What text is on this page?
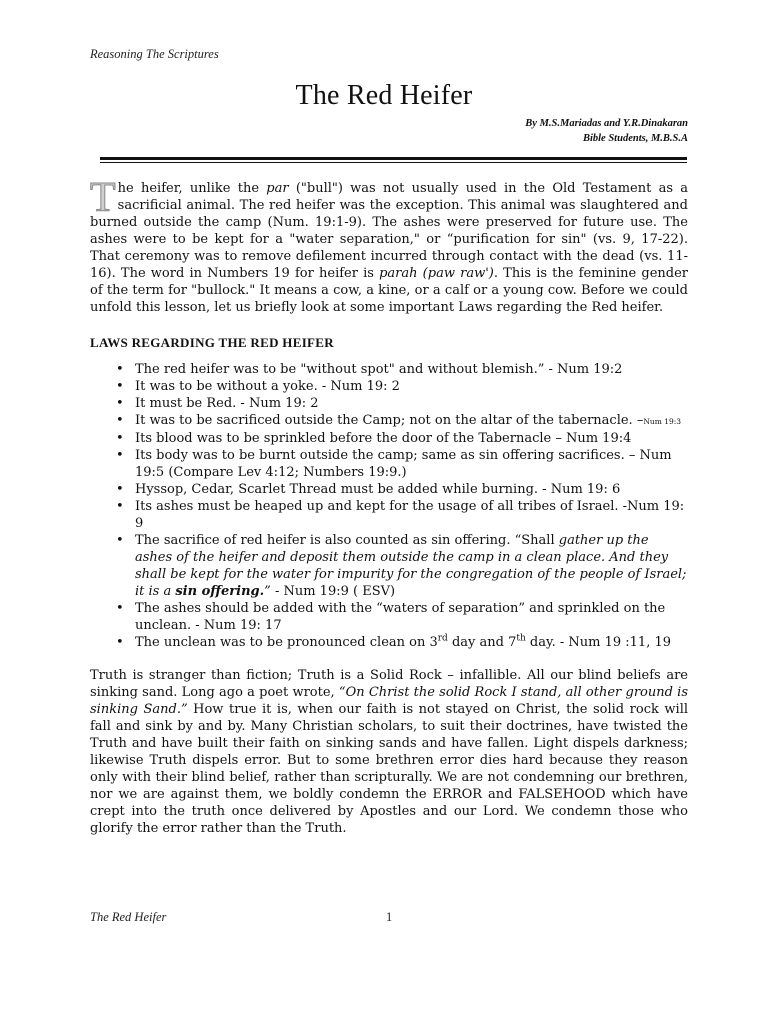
Reasoning The Scriptures
The Red Heifer
By M.S.Mariadas and Y.R.Dinakaran
Bible Students, M.B.S.A

The heifer, unlike the par ("bull") was not usually used in the Old Testament as a sacrificial animal. The red heifer was the exception. This animal was slaughtered and burned outside the camp (Num. 19:1-9). The ashes were preserved for future use. The ashes were to be kept for a "water separation," or “purification for sin" (vs. 9, 17-22). That ceremony was to remove defilement incurred through contact with the dead (vs. 11-16). The word in Numbers 19 for heifer is parah (paw raw'). This is the feminine gender of the term for "bullock." It means a cow, a kine, or a calf or a young cow. Before we could unfold this lesson, let us briefly look at some important Laws regarding the Red heifer.

LAWS REGARDING THE RED HEIFER
• The red heifer was to be "without spot" and without blemish.” - Num 19:2
• It was to be without a yoke. - Num 19: 2
• It must be Red. - Num 19: 2
• It was to be sacrificed outside the Camp; not on the altar of the tabernacle. –Num 19:3
• Its blood was to be sprinkled before the door of the Tabernacle – Num 19:4
• Its body was to be burnt outside the camp; same as sin offering sacrifices. – Num 19:5 (Compare Lev 4:12; Numbers 19:9.)
• Hyssop, Cedar, Scarlet Thread must be added while burning. - Num 19: 6
• Its ashes must be heaped up and kept for the usage of all tribes of Israel. -Num 19: 9
• The sacrifice of red heifer is also counted as sin offering. “Shall gather up the ashes of the heifer and deposit them outside the camp in a clean place. And they shall be kept for the water for impurity for the congregation of the people of Israel; it is a sin offering.” - Num 19:9 ( ESV)
• The ashes should be added with the “waters of separation” and sprinkled on the unclean. - Num 19: 17
• The unclean was to be pronounced clean on 3rd day and 7th day. - Num 19 :11, 19

Truth is stranger than fiction; Truth is a Solid Rock – infallible. All our blind beliefs are sinking sand. Long ago a poet wrote, “On Christ the solid Rock I stand, all other ground is sinking Sand.” How true it is, when our faith is not stayed on Christ, the solid rock will fall and sink by and by. Many Christian scholars, to suit their doctrines, have twisted the Truth and have built their faith on sinking sands and have fallen. Light dispels darkness; likewise Truth dispels error. But to some brethren error dies hard because they reason only with their blind belief, rather than scripturally. We are not condemning our brethren, nor we are against them, we boldly condemn the ERROR and FALSEHOOD which have crept into the truth once delivered by Apostles and our Lord. We condemn those who glorify the error rather than the Truth.

The Red Heifer	1
